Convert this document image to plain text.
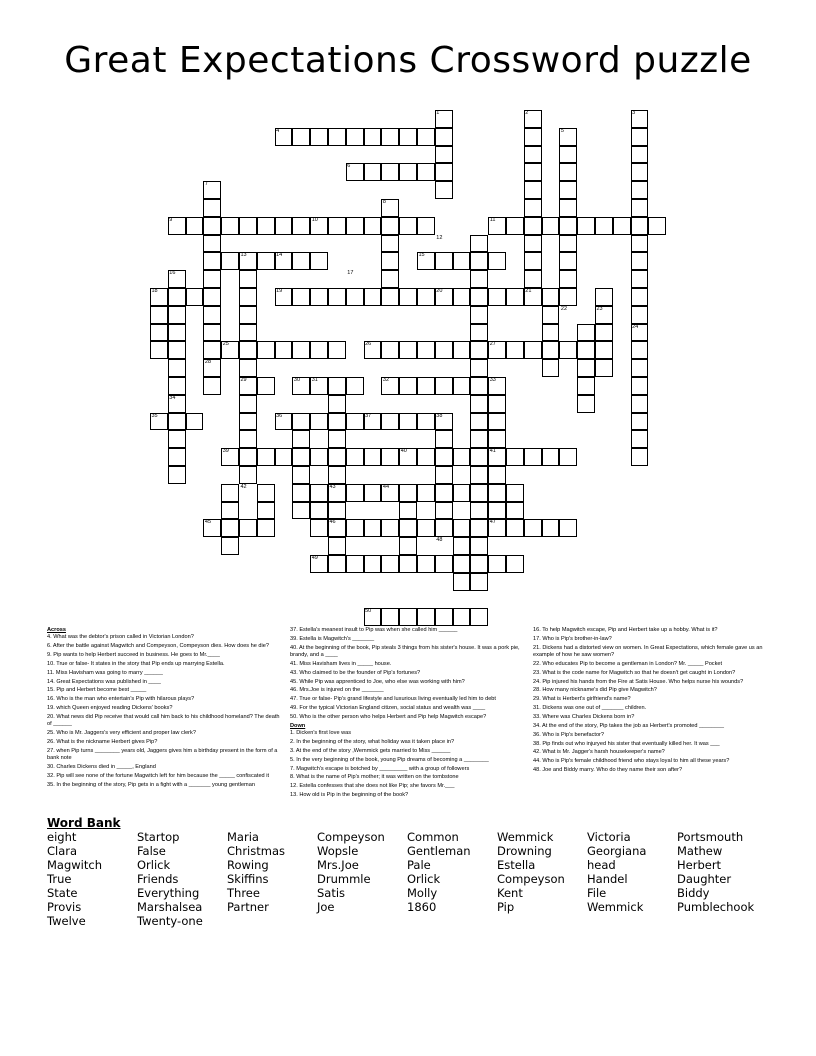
Great Expectations Crossword puzzle
1	2	3
4	5
6
7
8
9	10	11
12
13	14	15
16	17
18	19	20	21
22	23
24
25	26	27
28
29	30 31	32	33
34
35	36	37	38
39	40	41
42	43	44
45	46	47
48
49
50
Across
4. What was the debtor's prison called in Victorian London?
6. After the battle against Magwitch and Compeyson, Compeyson dies. How does he die?
9. Pip wants to help Herbert succeed in business. He goes to Mr.____
10. True or false- It states in the story that Pip ends up marrying Estella.
11. Miss Havisham was going to marry ______
14. Great Expectations was published in ____
15. Pip and Herbert become best _____
16. Who is the man who entertain's Pip with hilarous plays?
19. which Queen enjoyed reading Dickens' books?
20. What news did Pip receive that would call him back to his childhood homeland? The death of ______
25. Who is Mr. Jaggers's very efficient and proper law clerk?
26. What is the nickname Herbert gives Pip?
27. when Pip turns ________ years old, Jaggers gives him a birthday present in the form of a bank note
30. Charles Dickens died in _____, England
32. Pip will see none of the fortune Magwitch left for him because the _____ confiscated it
35. In the beginning of the story, Pip gets in a fight with a _______ young gentleman
37. Estella's meanest insult to Pip was when she called him ______
39. Estella is Magwitch's _______
40. At the beginning of the book, Pip steals 3 things from his sister's house. It was a pork pie, brandy, and a ____
41. Miss Havisham lives in _____ house.
43. Who claimed to be the founder of Pip's fortunes?
45. While Pip was apprenticed to Joe, who else was working with him?
46. Mrs.Joe is injured on the _______
47. True or false- Pip's grand lifestyle and luxurious living eventually led him to debt
49. For the typical Victorian England citizen, social status and wealth was ____
50. Who is the other person who helps Herbert and Pip help Magwitch escape?
Down
1. Dicken's first love was
2. In the beginning of the story, what holiday was it taken place in?
3. At the end of the story ,Wemmick gets married to Miss ______
5. In the very beginning of the book, young Pip dreams of becoming a ________
7. Magwitch's escape is botched by _________ with a group of followers
8. What is the name of Pip's mother; it was written on the tombstone
12. Estella confesses that she does not like Pip; she favors Mr.___
13. How old is Pip in the beginning of the book?
16. To help Magwitch escape, Pip and Herbert take up a hobby. What is it?
17. Who is Pip's brother-in-law?
21. Dickens had a distorted view on women. In Great Expectations, which female gave us an example of how he saw women?
22. Who educates Pip to become a gentleman in London? Mr. _____ Pocket
23. What is the code name for Magwitch so that he doesn't get caught in London?
24. Pip injured his hands from the Fire at Satis House. Who helps nurse his wounds?
28. How many nickname's did Pip give Magwitch?
29. What is Herbert's girlfriend's name?
31. Dickens was one out of _______ children.
33. Where was Charles Dickens born in?
34. At the end of the story, Pip takes the job as Herbert's promoted ________
36. Who is Pip's benefactor?
38. Pip finds out who injuryed his sister that eventually killed her. It was ___
42. What is Mr. Jagger's harsh housekeeper's name?
44. Who is Pip's female childhood friend who stays loyal to him all these years?
48. Joe and Biddy marry. Who do they name their son after?
Word Bank
eight	Startop	Maria	Compeyson	Common	Wemmick	Victoria	Portsmouth
Clara	False	Christmas	Wopsle	Gentleman	Drowning	Georgiana	Mathew
Magwitch	Orlick	Rowing	Mrs.Joe	Pale	Estella	head	Herbert
True	Friends	Skiffins	Drummle	Orlick	Compeyson	Handel	Daughter
State	Everything	Three	Satis	Molly	Kent	File	Biddy
Provis	Marshalsea	Partner	Joe	1860	Pip	Wemmick	Pumblechook
Twelve	Twenty-one
